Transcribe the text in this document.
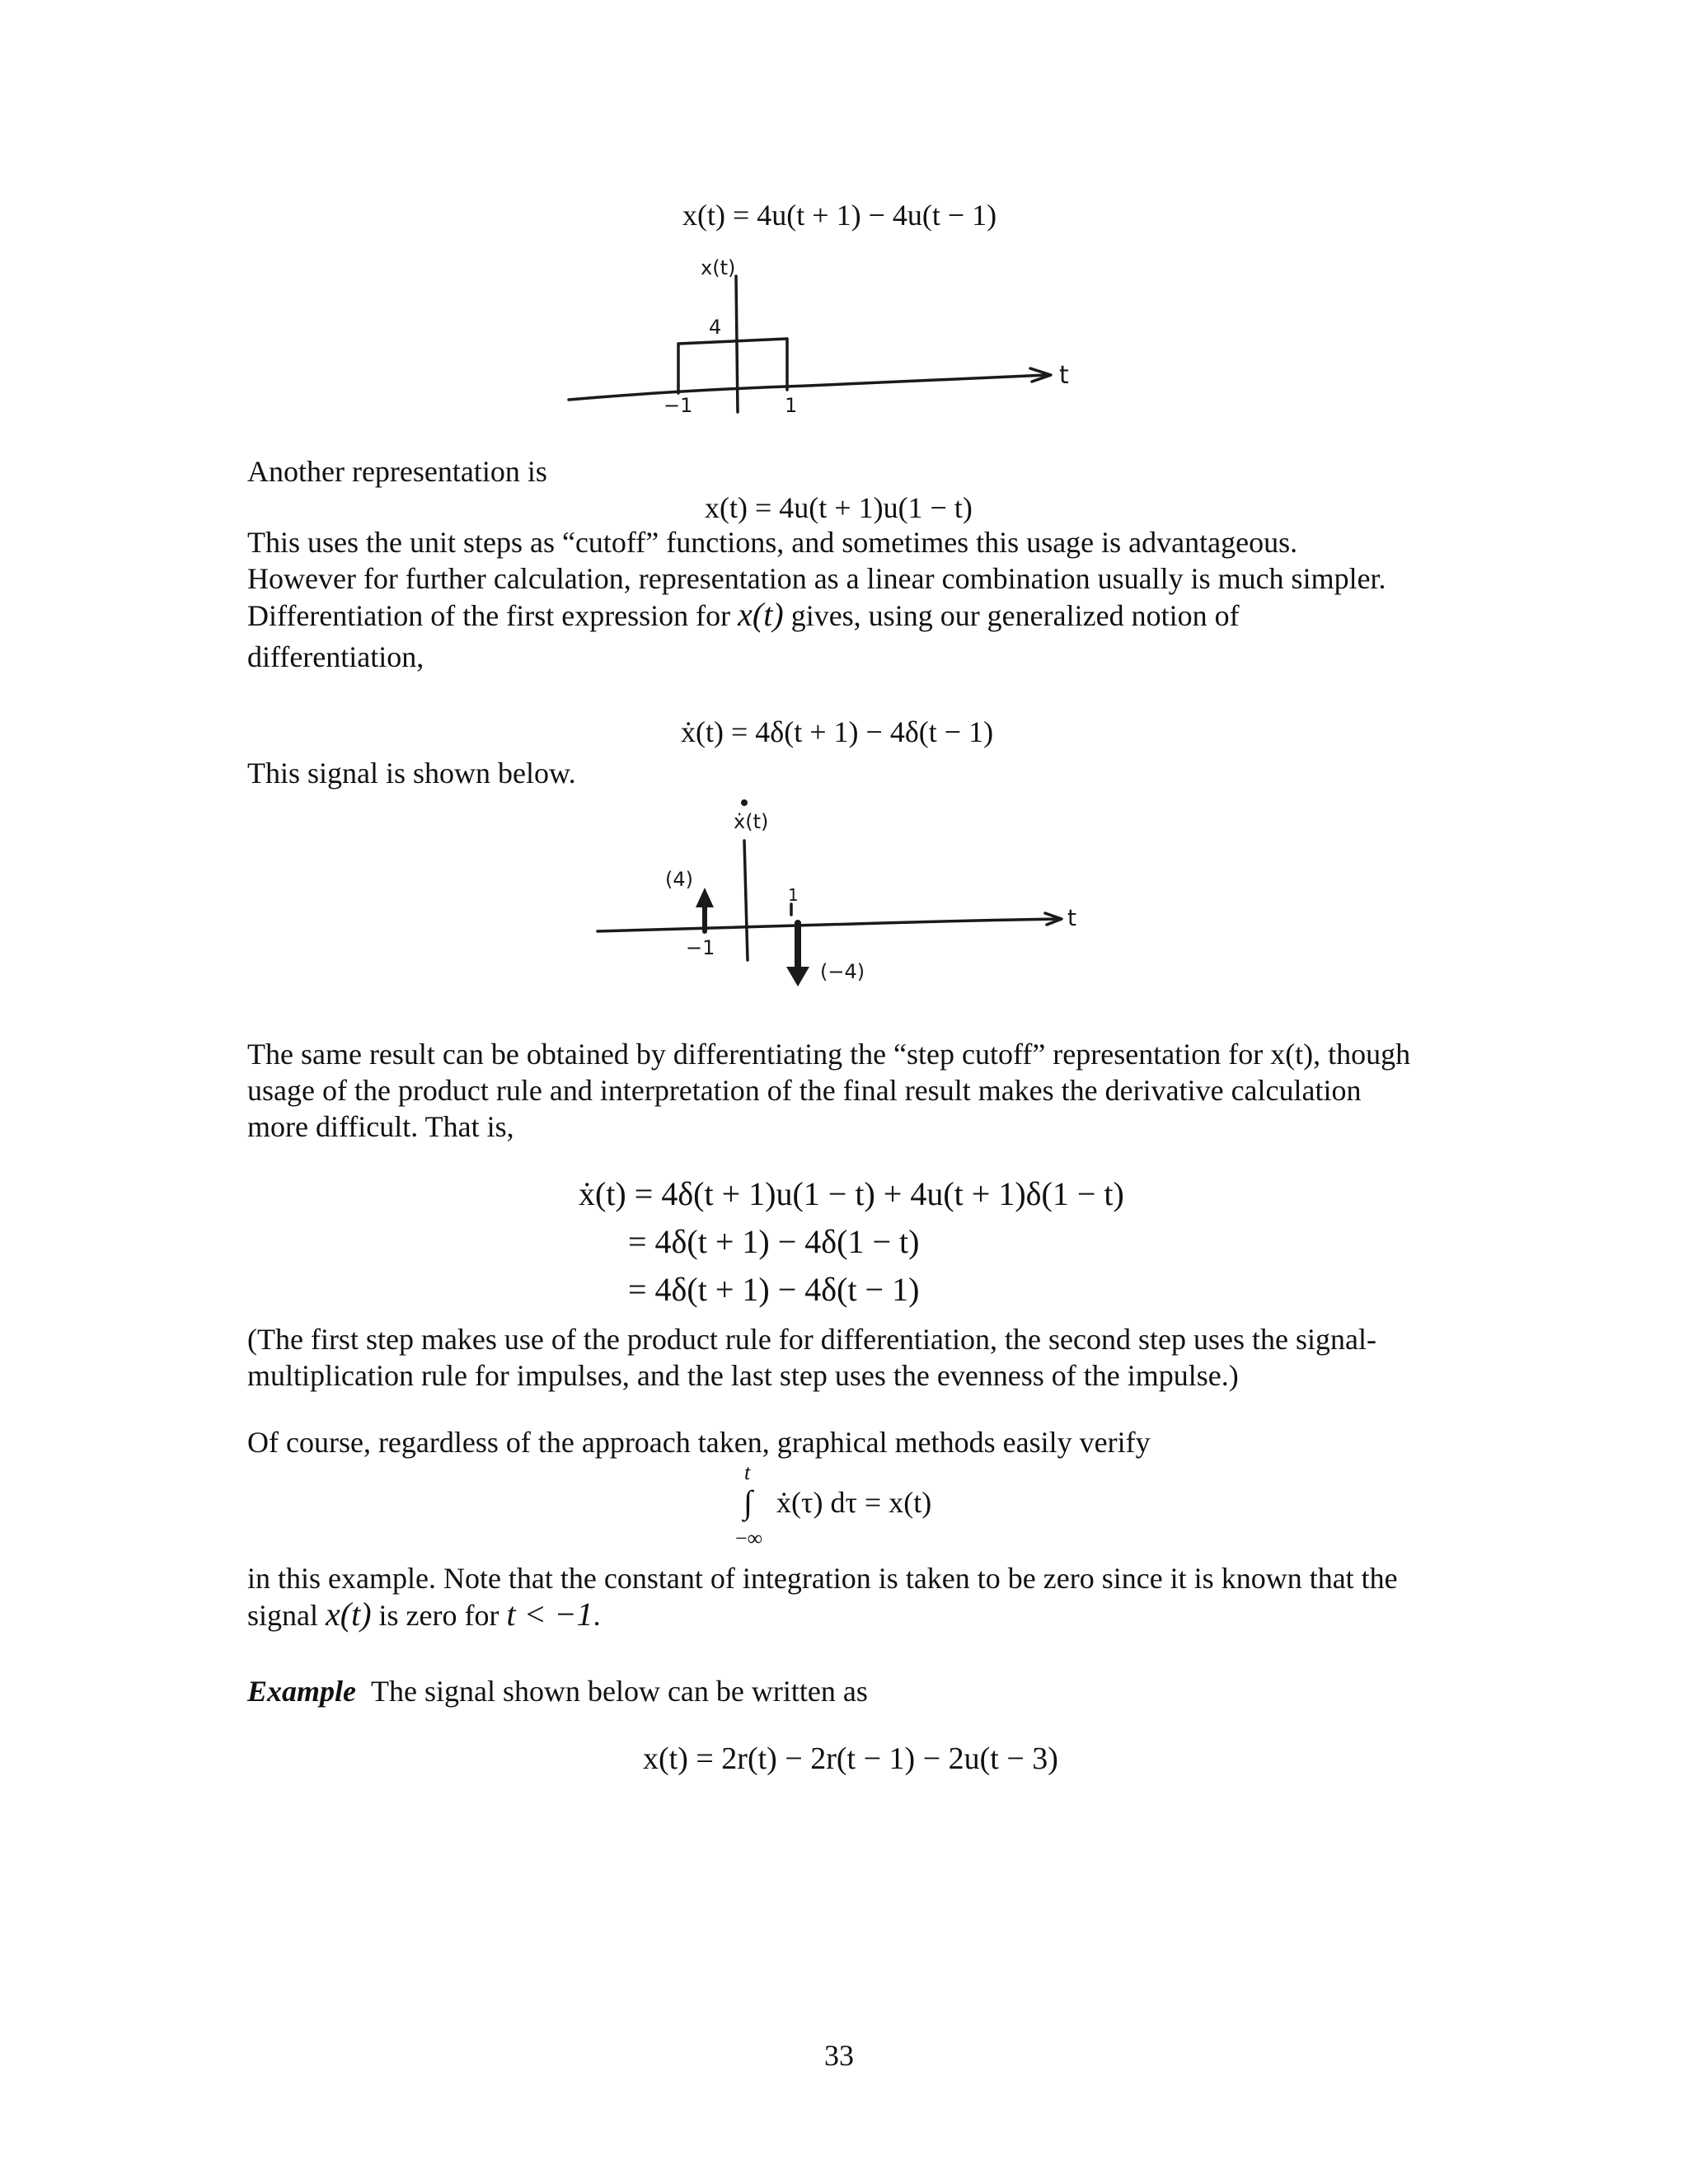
x(t) = 4u(t + 1) − 4u(t − 1)
x(t)
4
−1	1
t
Another representation is
x(t) = 4u(t + 1)u(1 − t)
This uses the unit steps as “cutoff” functions, and sometimes this usage is advantageous.
However for further calculation, representation as a linear combination usually is much simpler.
Differentiation of the first expression for x(t) gives, using our generalized notion of
differentiation,
ẋ(t) = 4δ(t + 1) − 4δ(t − 1)
This signal is shown below.
ẋ(t)
(4)
(−4)
−1
1
t
The same result can be obtained by differentiating the “step cutoff” representation for x(t), though
usage of the product rule and interpretation of the final result makes the derivative calculation
more difficult. That is,
ẋ(t) = 4δ(t + 1)u(1 − t) + 4u(t + 1)δ(1 − t)
= 4δ(t + 1) − 4δ(1 − t)
= 4δ(t + 1) − 4δ(t − 1)
(The first step makes use of the product rule for differentiation, the second step uses the signal-
multiplication rule for impulses, and the last step uses the evenness of the impulse.)
Of course, regardless of the approach taken, graphical methods easily verify
t
∫ ẋ(τ) dτ = x(t)
−∞
in this example. Note that the constant of integration is taken to be zero since it is known that the
signal x(t) is zero for t < −1.
Example The signal shown below can be written as
x(t) = 2r(t) − 2r(t − 1) − 2u(t − 3)
33
